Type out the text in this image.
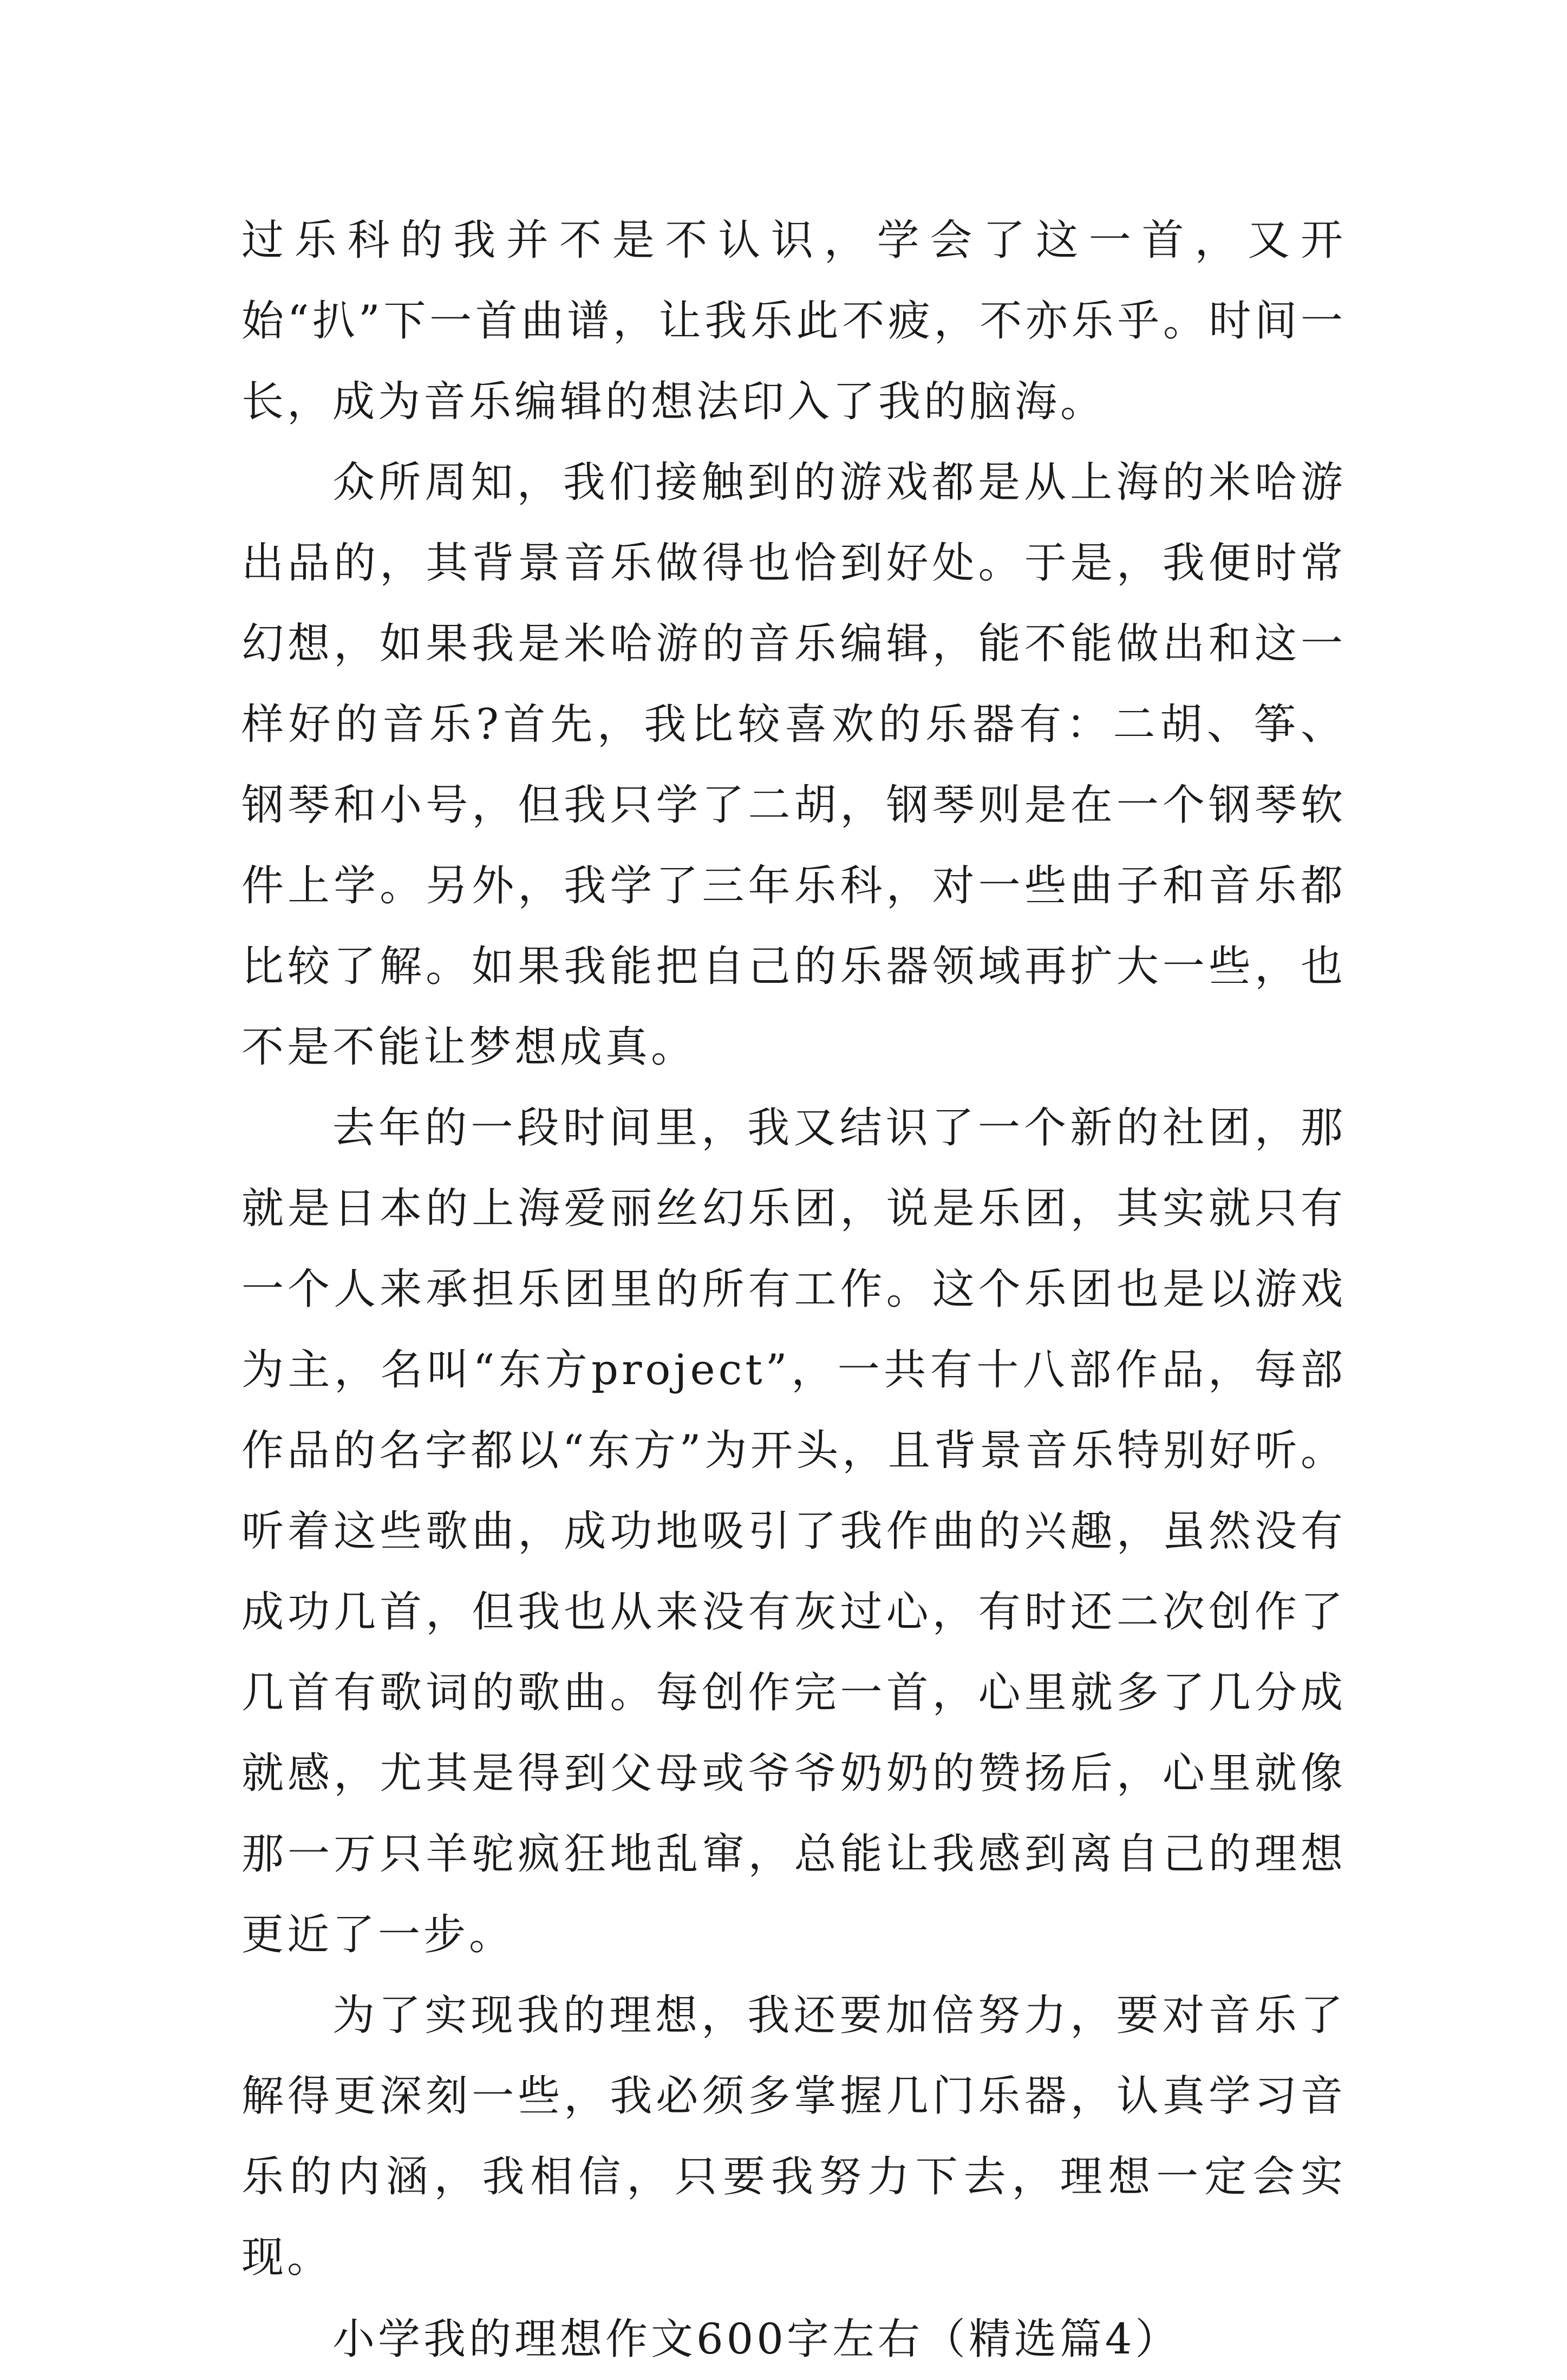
过乐科的我并不是不认识，学会了这一首，又开始“扒”下一首曲谱，让我乐此不疲，不亦乐乎。时间一长，成为音乐编辑的想法印入了我的脑海。

众所周知，我们接触到的游戏都是从上海的米哈游出品的，其背景音乐做得也恰到好处。于是，我便时常幻想，如果我是米哈游的音乐编辑，能不能做出和这一样好的音乐?首先，我比较喜欢的乐器有：二胡、筝、钢琴和小号，但我只学了二胡，钢琴则是在一个钢琴软件上学。另外，我学了三年乐科，对一些曲子和音乐都比较了解。如果我能把自己的乐器领域再扩大一些，也不是不能让梦想成真。

去年的一段时间里，我又结识了一个新的社团，那就是日本的上海爱丽丝幻乐团，说是乐团，其实就只有一个人来承担乐团里的所有工作。这个乐团也是以游戏为主，名叫“东方project”，一共有十八部作品，每部作品的名字都以“东方”为开头，且背景音乐特别好听。听着这些歌曲，成功地吸引了我作曲的兴趣，虽然没有成功几首，但我也从来没有灰过心，有时还二次创作了几首有歌词的歌曲。每创作完一首，心里就多了几分成就感，尤其是得到父母或爷爷奶奶的赞扬后，心里就像那一万只羊驼疯狂地乱窜，总能让我感到离自己的理想更近了一步。

为了实现我的理想，我还要加倍努力，要对音乐了解得更深刻一些，我必须多掌握几门乐器，认真学习音乐的内涵，我相信，只要我努力下去，理想一定会实现。

小学我的理想作文600字左右（精选篇4）
